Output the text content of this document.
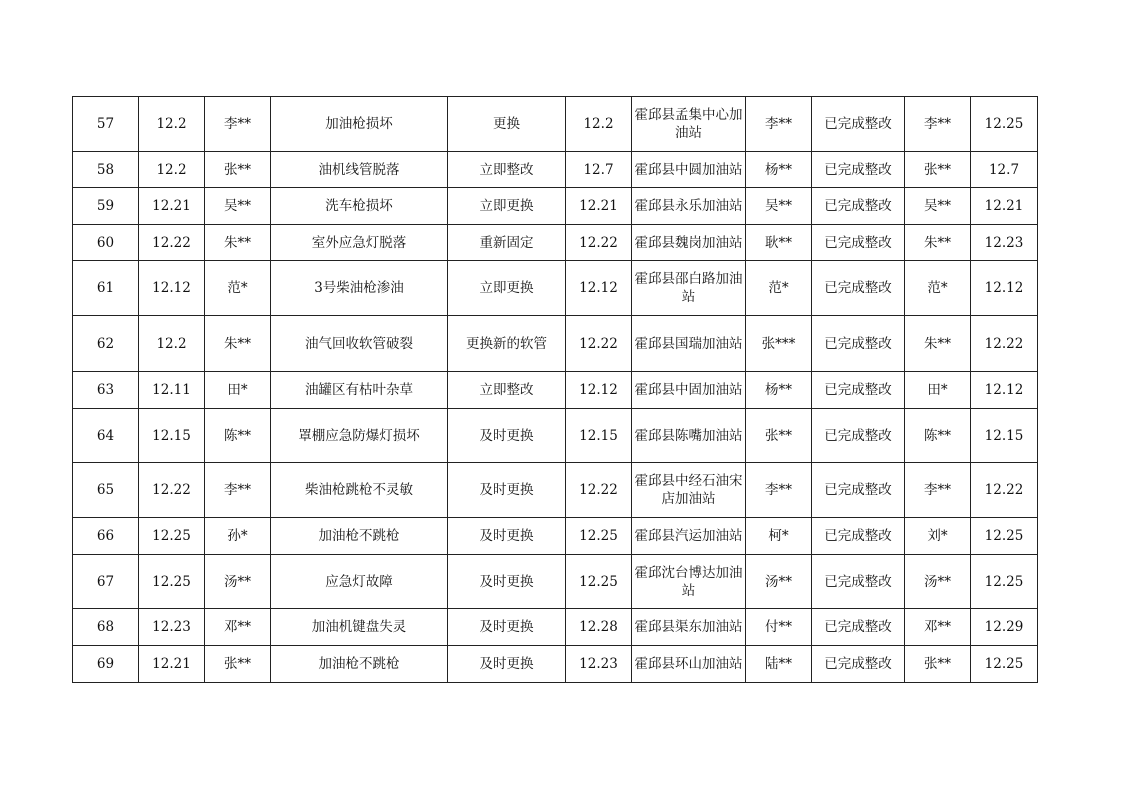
57	12.2	李**	加油枪损坏	更换	12.2	霍邱县孟集中心加油站	李**	已完成整改	李**	12.25
58	12.2	张**	油机线管脱落	立即整改	12.7	霍邱县中圆加油站	杨**	已完成整改	张**	12.7
59	12.21	吴**	洗车枪损坏	立即更换	12.21	霍邱县永乐加油站	吴**	已完成整改	吴**	12.21
60	12.22	朱**	室外应急灯脱落	重新固定	12.22	霍邱县魏岗加油站	耿**	已完成整改	朱**	12.23
61	12.12	范*	3号柴油枪渗油	立即更换	12.12	霍邱县邵白路加油站	范*	已完成整改	范*	12.12
62	12.2	朱**	油气回收软管破裂	更换新的软管	12.22	霍邱县国瑞加油站	张***	已完成整改	朱**	12.22
63	12.11	田*	油罐区有枯叶杂草	立即整改	12.12	霍邱县中固加油站	杨**	已完成整改	田*	12.12
64	12.15	陈**	罩棚应急防爆灯损坏	及时更换	12.15	霍邱县陈嘴加油站	张**	已完成整改	陈**	12.15
65	12.22	李**	柴油枪跳枪不灵敏	及时更换	12.22	霍邱县中经石油宋店加油站	李**	已完成整改	李**	12.22
66	12.25	孙*	加油枪不跳枪	及时更换	12.25	霍邱县汽运加油站	柯*	已完成整改	刘*	12.25
67	12.25	汤**	应急灯故障	及时更换	12.25	霍邱沈台博达加油站	汤**	已完成整改	汤**	12.25
68	12.23	邓**	加油机键盘失灵	及时更换	12.28	霍邱县渠东加油站	付**	已完成整改	邓**	12.29
69	12.21	张**	加油枪不跳枪	及时更换	12.23	霍邱县环山加油站	陆**	已完成整改	张**	12.25
